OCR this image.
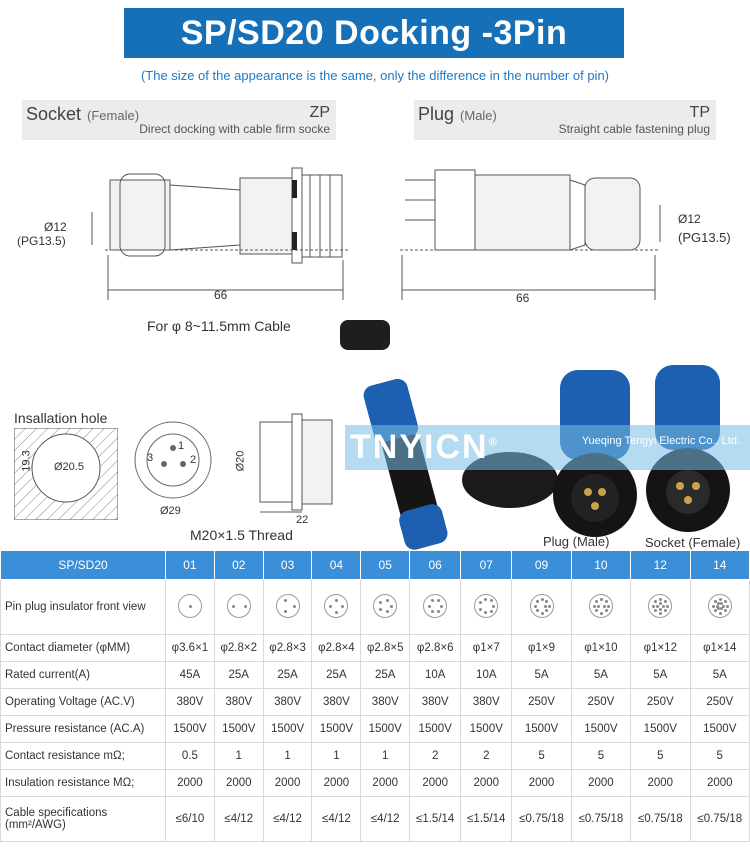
SP/SD20 Docking -3Pin
(The size of the appearance is the same, only the difference in the number of pin)
Socket (Female)	ZP
Direct docking with cable firm socke
Plug (Male)	TP
Straight cable fastening plug
Ø12
(PG13.5)
66
For φ 8~11.5mm Cable
Ø12
(PG13.5)
66
Insallation hole
19.3 Ø20.5
1
3	2
Ø29
Ø20
22
M20×1.5 Thread
TNYICN®	Yueqing Tengyi Electric Co., Ltd.
Plug (Male)	Socket (Female)
SP/SD20	01	02	03	04	05	06	07	09	10	12	14
Pin plug insulator front view	

Contact diameter (φMM)	φ3.6×1	φ2.8×2	φ2.8×3	φ2.8×4	φ2.8×5	φ2.8×6	φ1×7	φ1×9	φ1×10	φ1×12	φ1×14
Rated current(A)	45A	25A	25A	25A	25A	10A	10A	5A	5A	5A	5A
Operating Voltage (AC.V)	380V	380V	380V	380V	380V	380V	380V	250V	250V	250V	250V
Pressure resistance (AC.A)	1500V	1500V	1500V	1500V	1500V	1500V	1500V	1500V	1500V	1500V	1500V
Contact resistance mΩ;	0.5	1	1	1	1	2	2	5	5	5	5
Insulation resistance MΩ;	2000	2000	2000	2000	2000	2000	2000	2000	2000	2000	2000
Cable specifications (mm²/AWG)	≤6/10	≤4/12	≤4/12	≤4/12	≤4/12	≤1.5/14	≤1.5/14	≤0.75/18	≤0.75/18	≤0.75/18	≤0.75/18
